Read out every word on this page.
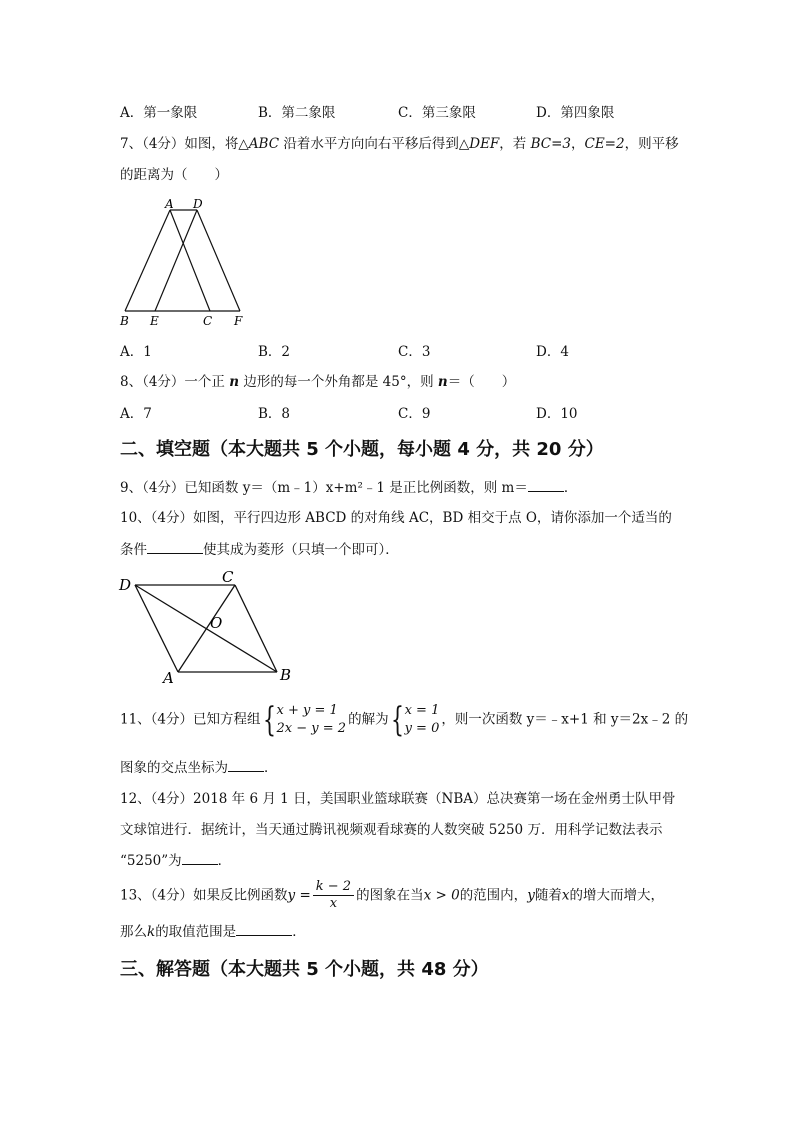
A．第一象限	B．第二象限	C．第三象限	D．第四象限
7、（4分）如图，将△ABC 沿着水平方向向右平移后得到△DEF，若 BC=3，CE=2，则平移
的距离为（　　）
A D
B E	C F
A．1	B．2	C．3	D．4
8、（4分）一个正 n 边形的每一个外角都是 45°，则 n＝（　　）
A．7	B．8	C．9	D．10
二、填空题（本大题共 5 个小题，每小题 4 分，共 20 分）
9、（4分）已知函数 y＝（m﹣1）x+m²﹣1 是正比例函数，则 m＝	．
10、（4分）如图，平行四边形 ABCD 的对角线 AC，BD 相交于点 O，请你添加一个适当的
条件	使其成为菱形（只填一个即可）．
D	C
O
A	B
11、（4分）已知方程组 { x + y = 1
2x − y = 2
的解为 { x = 1
y = 0
，则一次函数 y＝﹣x+1 和 y＝2x﹣2 的
图象的交点坐标为	．
12、（4分）2018 年 6 月 1 日，美国职业篮球联赛（NBA）总决赛第一场在金州勇士队甲骨
文球馆进行．据统计，当天通过腾讯视频观看球赛的人数突破 5250 万．用科学记数法表示
“5250”为	．
13、（4分）如果反比例函数$y = \frac{k - 2}{x}$ 的图象在当x > 0的范围内，y随着x的增大而增大，
那么k的取值范围是	．
三、解答题（本大题共 5 个小题，共 48 分）
